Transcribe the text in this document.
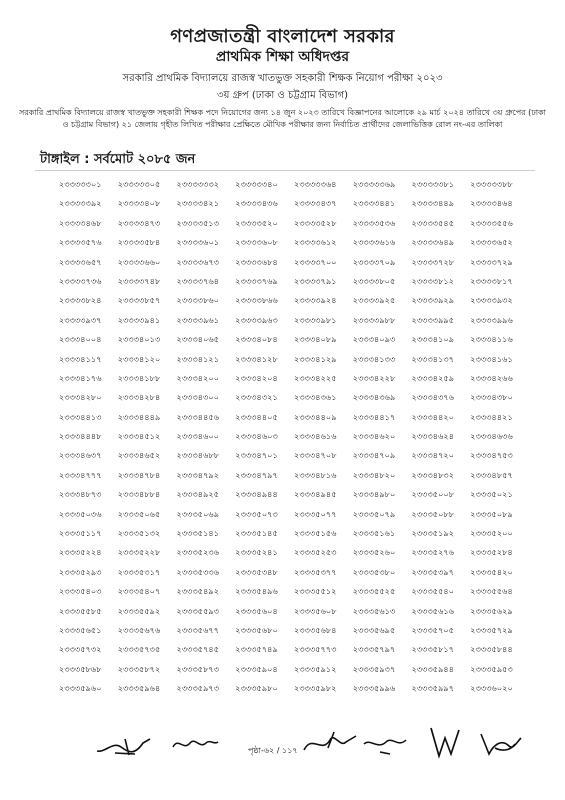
গণপ্রজাতন্ত্রী বাংলাদেশ সরকার
প্রাথমিক শিক্ষা অধিদপ্তর
সরকারি প্রাথমিক বিদ্যালয়ে রাজস্ব খাতভুক্ত সহকারী শিক্ষক নিয়োগ পরীক্ষা ২০২৩
৩য় গ্রুপ (ঢাকা ও চট্টগ্রাম বিভাগ)
সরকারি প্রাথমিক বিদ্যালয়ে রাজস্ব খাতভুক্ত সহকারী শিক্ষক পদে নিয়োগের জন্য ১৪ জুন ২০২৩ তারিখে বিজ্ঞাপনের আলোকে ২৯ মার্চ ২০২৪ তারিখে ৩য় গ্রুপের (ঢাকা ও চট্টগ্রাম বিভাগ) ২১ জেলায় গৃহীত লিখিত পরীক্ষার প্রেক্ষিতে মৌখিক পরীক্ষার জন্য নির্বাচিত প্রার্থীদের জেলাভিত্তিক রোল নং-এর তালিকা
টাঙ্গাইল : সর্বমোট ২০৮৫ জন
২৩৩৩৩৩০১	২৩৩৩৩৩০৫	২৩৩৩৩৩৩২	২৩৩৩৩৩৪০	২৩৩৩৩৩৬৪	২৩৩৩৩৩৬৯	২৩৩৩৩৩৮১	২৩৩৩৩৩৮৮
২৩৩৩৩৩৯২	২৩৩৩৩৪০৮	২৩৩৩৩৪২১	২৩৩৩৩৪৩৬	২৩৩৩৩৪৩৭	২৩৩৩৩৪৪১	২৩৩৩৩৪৪৯	২৩৩৩৩৪৬৪
২৩৩৩৩৪৬৮	২৩৩৩৩৪৭৩	২৩৩৩৩৫১৩	২৩৩৩৩৫২০	২৩৩৩৩৫২৮	২৩৩৩৩৫৩৬	২৩৩৩৩৫৪৫	২৩৩৩৩৫৫৬
২৩৩৩৩৫৭৬	২৩৩৩৩৫৮৪	২৩৩৩৩৬০১	২৩৩৩৩৬০৮	২৩৩৩৩৬১২	২৩৩৩৩৬১৬	২৩৩৩৩৬৪৯	২৩৩৩৩৬৫২
২৩৩৩৩৬৫৭	২৩৩৩৩৬৬০	২৩৩৩৩৬৭৩	২৩৩৩৩৬৮৪	২৩৩৩৩৭০০	২৩৩৩৩৭০৯	২৩৩৩৩৭২৮	২৩৩৩৩৭২৯
২৩৩৩৩৭৩৬	২৩৩৩৩৭৪৮	২৩৩৩৩৭৬৪	২৩৩৩৩৭৬৯	২৩৩৩৩৭৯১	২৩৩৩৩৮০৫	২৩৩৩৩৮১২	২৩৩৩৩৮১৭
২৩৩৩৩৮২৪	২৩৩৩৩৮৫৭	২৩৩৩৩৮৬০	২৩৩৩৩৮৬৬	২৩৩৩৩৯২৪	২৩৩৩৩৯২৫	২৩৩৩৩৯২৯	২৩৩৩৩৯৩২
২৩৩৩৩৯৩৭	২৩৩৩৩৯৪১	২৩৩৩৩৯৬১	২৩৩৩৩৯৬৩	২৩৩৩৩৯৮১	২৩৩৩৩৯৮৮	২৩৩৩৩৯৯৫	২৩৩৩৩৯৯৬
২৩৩৩৪০০৪	২৩৩৩৪০১৩	২৩৩৩৪০৬৫	২৩৩৩৪০৮৪	২৩৩৩৪০৮৯	২৩৩৩৪০৯৩	২৩৩৩৪১০৯	২৩৩৩৪১১৬
২৩৩৩৪১১৭	২৩৩৩৪১২০	২৩৩৩৪১২১	২৩৩৩৪১২৮	২৩৩৩৪১২৯	২৩৩৩৪১৩৩	২৩৩৩৪১৩৭	২৩৩৩৪১৬১
২৩৩৩৪১৭৬	২৩৩৩৪১৮৮	২৩৩৩৪২০০	২৩৩৩৪২০৪	২৩৩৩৪২২৫	২৩৩৩৪২২৮	২৩৩৩৪২৫৯	২৩৩৩৪২৬৬
২৩৩৩৪২৮০	২৩৩৩৪২৮৪	২৩৩৩৪৩০০	২৩৩৩৪৩২১	২৩৩৩৪৩৬১	২৩৩৩৪৩৬৯	২৩৩৩৪৩৭৬	২৩৩৩৪৩৮০
২৩৩৩৪৪১৩	২৩৩৩৪৪৪৯	২৩৩৩৪৪৫৬	২৩৩৩৪৪০৫	২৩৩৩৪৪০৯	২৩৩৩৪৪১৭	২৩৩৩৪৪২০	২৩৩৩৪৪২১
২৩৩৩৪৪৪৮	২৩৩৩৪৫১২	২৩৩৩৪৬০০	২৩৩৩৪৬০৩	২৩৩৩৪৬১৬	২৩৩৩৪৬২০	২৩৩৩৪৬২৪	২৩৩৩৪৬৩৬
২৩৩৩৪৬৩৭	২৩৩৩৪৬৫২	২৩৩৩৪৬৮৮	২৩৩৩৪৭০১	২৩৩৩৪৭০৮	২৩৩৩৪৭০৯	২৩৩৩৪৭২০	২৩৩৩৪৭৫৩
২৩৩৩৪৭৭৭	২৩৩৩৪৭৮৪	২৩৩৩৪৭৯২	২৩৩৩৪৭৯৭	২৩৩৩৪৮১৬	২৩৩৩৪৮২০	২৩৩৩৪৮৩২	২৩৩৩৪৮৫৭
২৩৩৩৪৮৭৩	২৩৩৩৪৮৮৪	২৩৩৩৪৯২৫	২৩৩৩৪৯৪৪	২৩৩৩৪৯৪৫	২৩৩৩৪৯৮০	২৩৩৩৫০০৮	২৩৩৩৫০২১
২৩৩৩৫০৩৬	২৩৩৩৫০৬৫	২৩৩৩৫০৬৯	২৩৩৩৫০৭৩	২৩৩৩৫০৭৭	২৩৩৩৫০৭৯	২৩৩৩৫০৮৮	২৩৩৩৫০৮৯
২৩৩৩৫১১৭	২৩৩৩৫১৩২	২৩৩৩৫১৪১	২৩৩৩৫১৪৫	২৩৩৩৫১৫৬	২৩৩৩৫১৬১	২৩৩৩৫১৯২	২৩৩৩৫২০০
২৩৩৩৫২২৪	২৩৩৩৫২২৮	২৩৩৩৫২৩৬	২৩৩৩৫২৪১	২৩৩৩৫২৫৩	২৩৩৩৫২৬০	২৩৩৩৫২৭৬	২৩৩৩৫২৮৪
২৩৩৩৫২৯৩	২৩৩৩৫৩১৭	২৩৩৩৫৩৩৬	২৩৩৩৫৩৪৮	২৩৩৩৫৩৭৭	২৩৩৩৫৩৮০	২৩৩৩৫৩৯৭	২৩৩৩৫৪২০
২৩৩৩৫৪০৩	২৩৩৩৫৪০৭	২৩৩৩৫৪৯২	২৩৩৩৫৪৯৬	২৩৩৩৫৫১২	২৩৩৩৫৫২৫	২৩৩৩৫৫৪০	২৩৩৩৫৫৬৪
২৩৩৩৫৫৮৫	২৩৩৩৫৫৯২	২৩৩৩৫৫৯৩	২৩৩৩৫৬০৪	২৩৩৩৫৬০৮	২৩৩৩৫৬১৩	২৩৩৩৫৬১৬	২৩৩৩৫৬২৯
২৩৩৩৫৬৫১	২৩৩৩৫৬৭৬	২৩৩৩৫৬৭৭	২৩৩৩৫৬৮০	২৩৩৩৫৬৮৪	২৩৩৩৫৬৯৫	২৩৩৩৫৭০৫	২৩৩৩৫৭২৯
২৩৩৩৫৭৩২	২৩৩৩৫৭৩৫	২৩৩৩৫৭৪৫	২৩৩৩৫৭৪৯	২৩৩৩৫৭৭৩	২৩৩৩৫৭৯৭	২৩৩৩৫৮১৭	২৩৩৩৫৮৪৪
২৩৩৩৫৮৬৮	২৩৩৩৫৮৭২	২৩৩৩৫৮৭৩	২৩৩৩৫৯০৪	২৩৩৩৫৯১২	২৩৩৩৫৯৩৭	২৩৩৩৫৯৪৪	২৩৩৩৫৯৫৩
২৩৩৩৫৯৬০	২৩৩৩৫৯৬৪	২৩৩৩৫৯৭৩	২৩৩৩৫৯৮০	২৩৩৩৫৯৮২	২৩৩৩৫৯৯৬	২৩৩৩৫৯৯৭	২৩৩৩৬০২০
পৃষ্ঠা-৬২ / ১১৭
